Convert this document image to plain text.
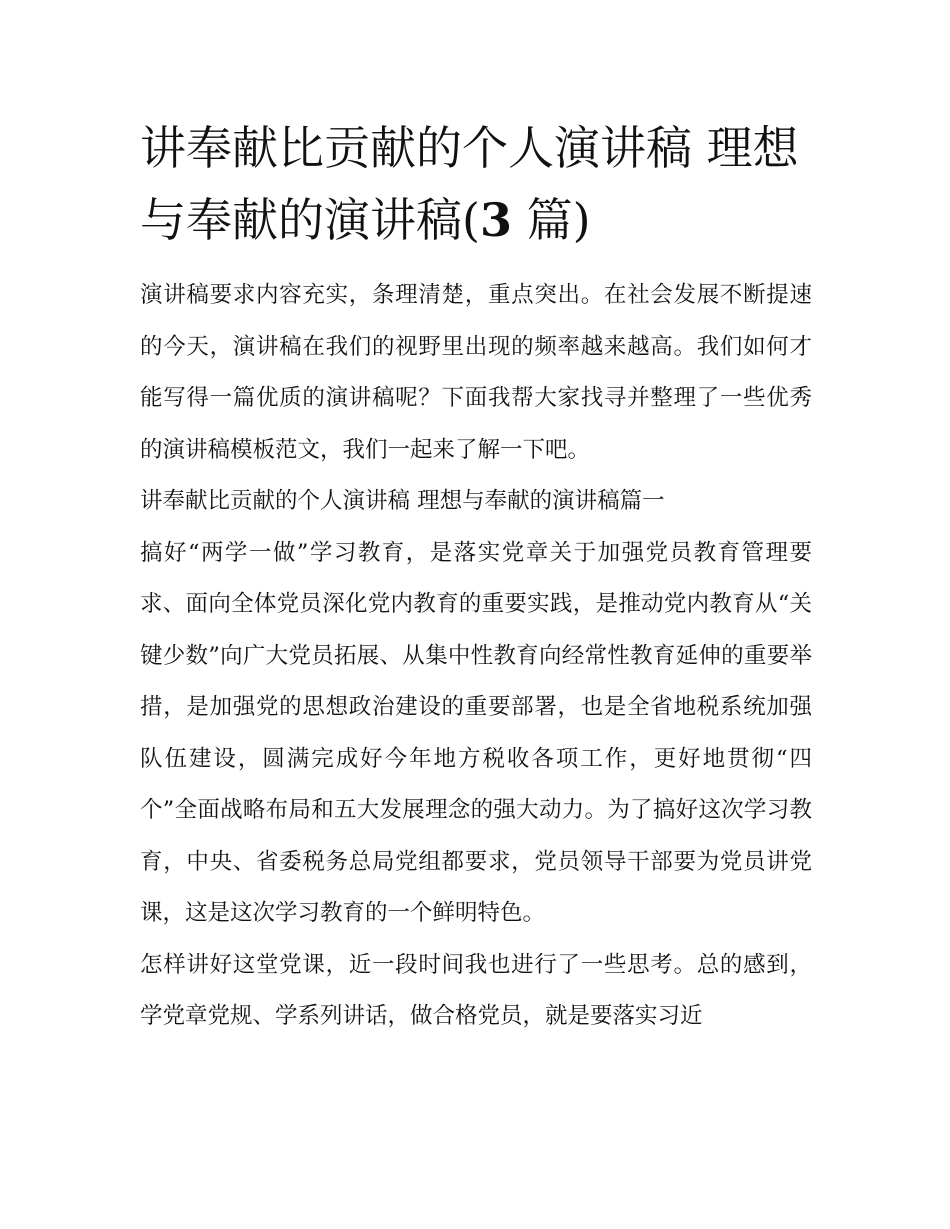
讲奉献比贡献的个人演讲稿 理想与奉献的演讲稿(3 篇)

演讲稿要求内容充实，条理清楚，重点突出。在社会发展不断提速的今天，演讲稿在我们的视野里出现的频率越来越高。我们如何才能写得一篇优质的演讲稿呢？下面我帮大家找寻并整理了一些优秀的演讲稿模板范文，我们一起来了解一下吧。

讲奉献比贡献的个人演讲稿 理想与奉献的演讲稿篇一

搞好“两学一做”学习教育，是落实党章关于加强党员教育管理要求、面向全体党员深化党内教育的重要实践，是推动党内教育从“关键少数”向广大党员拓展、从集中性教育向经常性教育延伸的重要举措，是加强党的思想政治建设的重要部署，也是全省地税系统加强队伍建设，圆满完成好今年地方税收各项工作，更好地贯彻“四个”全面战略布局和五大发展理念的强大动力。为了搞好这次学习教育，中央、省委税务总局党组都要求，党员领导干部要为党员讲党课，这是这次学习教育的一个鲜明特色。

怎样讲好这堂党课，近一段时间我也进行了一些思考。总的感到，学党章党规、学系列讲话，做合格党员，就是要落实习近
